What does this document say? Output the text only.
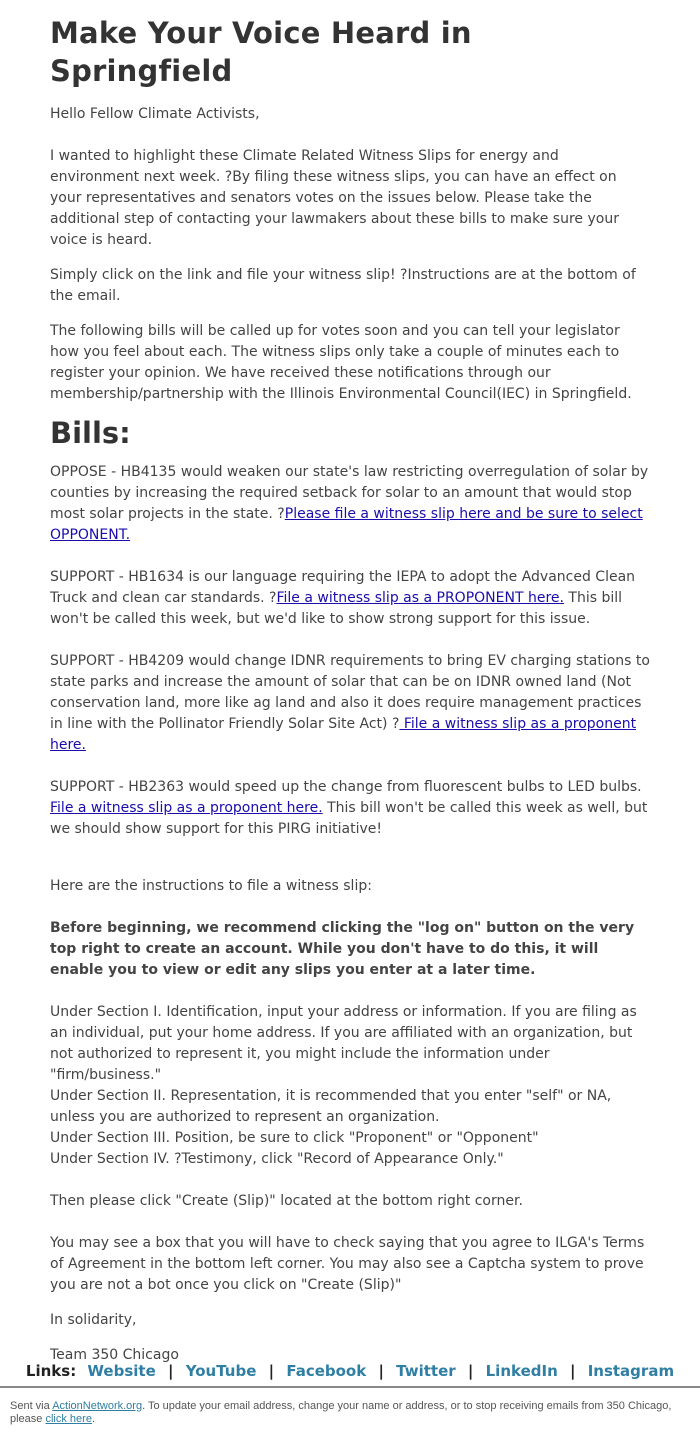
Make Your Voice Heard in Springfield

Hello Fellow Climate Activists,

I wanted to highlight these Climate Related Witness Slips for energy and environment next week. ?By filing these witness slips, you can have an effect on your representatives and senators votes on the issues below. Please take the additional step of contacting your lawmakers about these bills to make sure your voice is heard.

Simply click on the link and file your witness slip! ?Instructions are at the bottom of the email.

The following bills will be called up for votes soon and you can tell your legislator how you feel about each. The witness slips only take a couple of minutes each to register your opinion. We have received these notifications through our membership/partnership with the Illinois Environmental Council(IEC) in Springfield.

Bills:

OPPOSE - HB4135 would weaken our state's law restricting overregulation of solar by counties by increasing the required setback for solar to an amount that would stop most solar projects in the state. ?Please file a witness slip here and be sure to select OPPONENT.

SUPPORT - HB1634 is our language requiring the IEPA to adopt the Advanced Clean Truck and clean car standards. ?File a witness slip as a PROPONENT here. This bill won't be called this week, but we'd like to show strong support for this issue.

SUPPORT - HB4209 would change IDNR requirements to bring EV charging stations to state parks and increase the amount of solar that can be on IDNR owned land (Not conservation land, more like ag land and also it does require management practices in line with the Pollinator Friendly Solar Site Act) ? File a witness slip as a proponent here.

SUPPORT - HB2363 would speed up the change from fluorescent bulbs to LED bulbs. File a witness slip as a proponent here. This bill won't be called this week as well, but we should show support for this PIRG initiative!

Here are the instructions to file a witness slip:

Before beginning, we recommend clicking the "log on" button on the very top right to create an account. While you don't have to do this, it will enable you to view or edit any slips you enter at a later time.

Under Section I. Identification, input your address or information. If you are filing as an individual, put your home address. If you are affiliated with an organization, but not authorized to represent it, you might include the information under "firm/business."

Under Section II. Representation, it is recommended that you enter "self" or NA, unless you are authorized to represent an organization.

Under Section III. Position, be sure to click "Proponent" or "Opponent"

Under Section IV. ?Testimony, click "Record of Appearance Only."

Then please click "Create (Slip)" located at the bottom right corner.

You may see a box that you will have to check saying that you agree to ILGA's Terms of Agreement in the bottom left corner. You may also see a Captcha system to prove you are not a bot once you click on "Create (Slip)"

In solidarity,

Team 350 Chicago

Links: Website | YouTube | Facebook | Twitter | LinkedIn | Instagram
Sent via ActionNetwork.org. To update your email address, change your name or address, or to stop receiving emails from 350 Chicago, please click here.
